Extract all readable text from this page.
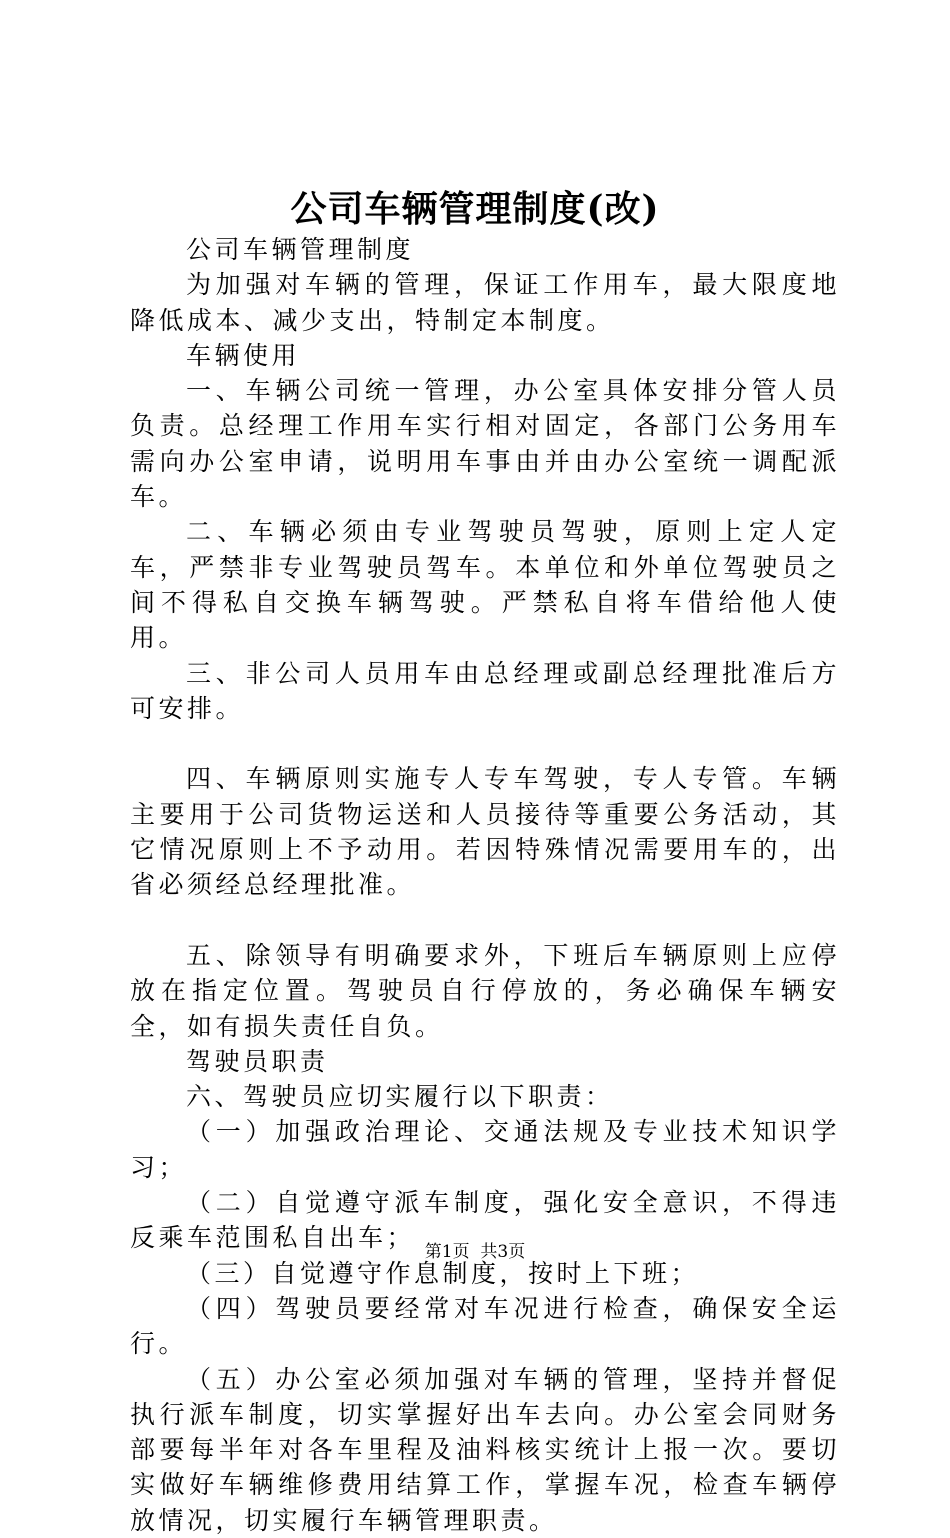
公司车辆管理制度(改)

公司车辆管理制度

为加强对车辆的管理，保证工作用车，最大限度地降低成本、减少支出，特制定本制度。

车辆使用

一、车辆公司统一管理，办公室具体安排分管人员负责。总经理工作用车实行相对固定，各部门公务用车需向办公室申请，说明用车事由并由办公室统一调配派车。

二、车辆必须由专业驾驶员驾驶，原则上定人定车，严禁非专业驾驶员驾车。本单位和外单位驾驶员之间不得私自交换车辆驾驶。严禁私自将车借给他人使用。

三、非公司人员用车由总经理或副总经理批准后方可安排。

四、车辆原则实施专人专车驾驶，专人专管。车辆主要用于公司货物运送和人员接待等重要公务活动，其它情况原则上不予动用。若因特殊情况需要用车的，出省必须经总经理批准。

五、除领导有明确要求外，下班后车辆原则上应停放在指定位置。驾驶员自行停放的，务必确保车辆安全，如有损失责任自负。

驾驶员职责

六、驾驶员应切实履行以下职责：

（一）加强政治理论、交通法规及专业技术知识学习；

（二）自觉遵守派车制度，强化安全意识，不得违反乘车范围私自出车；

（三）自觉遵守作息制度，按时上下班；

（四）驾驶员要经常对车况进行检查，确保安全运行。

（五）办公室必须加强对车辆的管理，坚持并督促执行派车制度，切实掌握好出车去向。办公室会同财务部要每半年对各车里程及油料核实统计上报一次。要切实做好车辆维修费用结算工作，掌握车况，检查车辆停放情况，切实履行车辆管理职责。

第1页 共3页
